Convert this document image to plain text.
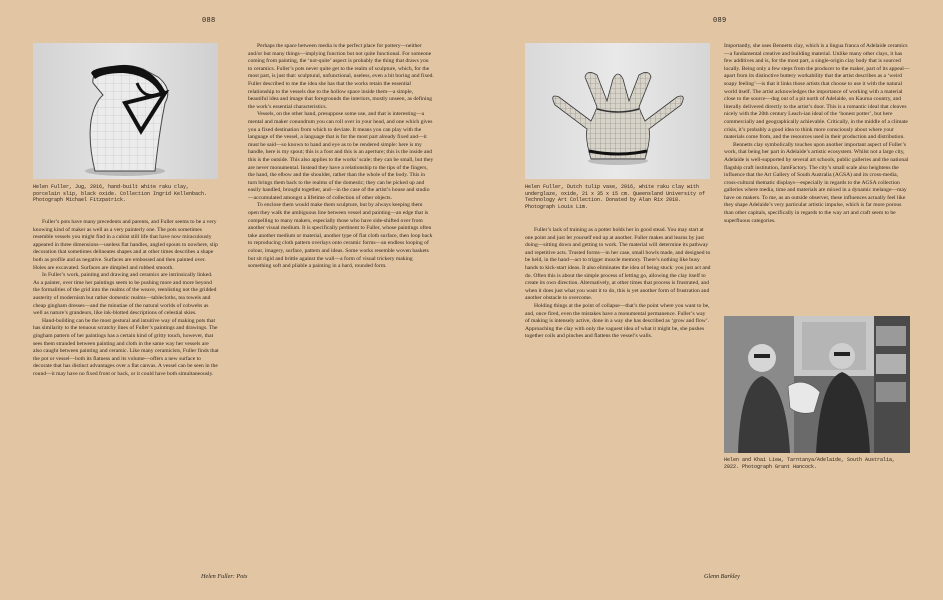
088
Helen Fuller, Jug, 2016, hand-built white raku clay, porcelain slip, black oxide. Collection Ingrid Kellenbach. Photograph Michael Fitzpatrick.

Fuller’s pots have many precedents and parents, and Fuller seems to be a very knowing kind of maker as well as a very painterly one. The pots sometimes resemble vessels you might find in a cubist still life that have now miraculously appeared in three dimensions—useless flat handles, angled spouts to nowhere, slip decoration that sometimes delineates shapes and at other times describes a shape both as profile and as negative. Surfaces are embossed and then painted over. Holes are excavated. Surfaces are dimpled and rubbed smooth.

In Fuller’s work, painting and drawing and ceramics are intrinsically linked. As a painter, over time her paintings seem to be pushing more and more beyond the formalities of the grid into the realms of the weave, reenlisting not the gridded austerity of modernism but rather domestic realms—tablecloths, tea towels and cheap gingham dresses—and the minutiae of the natural worlds of cobwebs as well as nature’s grandeurs, like ink-blotted descriptions of celestial skies.

Hand-building can be the most gestural and intuitive way of making pots that has similarity to the tenuous scratchy lines of Fuller’s paintings and drawings. The gingham pattern of her paintings has a certain kind of gritty touch, however, that sees them stranded between painting and cloth in the same way her vessels are also caught between painting and ceramic. Like many ceramicists, Fuller finds that the pot or vessel—both its flatness and its volume—offers a new surface to decorate that has distinct advantages over a flat canvas. A vessel can be seen in the round—it may have no fixed front or back, or it could have both simultaneously.

Perhaps the space between media is the perfect place for pottery—neither and/or but many things—implying function but not quite functional. For someone coming from painting, the ‘not-quite’ aspect is probably the thing that draws you to ceramics. Fuller’s pots never quite get to the realm of sculpture, which, for the most part, is just that: sculptural, unfunctional, useless, even a bit boring and fixed. Fuller described to me the idea she has that the works retain the essential relationship to the vessels due to the hollow space inside them—a simple, beautiful idea and image that foregrounds the interiors, mostly unseen, as defining the work’s essential characteristics.

Vessels, on the other hand, presuppose some use, and that is interesting—a mental and maker conundrum you can roll over in your head, and one which gives you a fixed destination from which to deviate. It means you can play with the language of the vessel, a language that is for the most part already fixed and—it must be said—so known to hand and eye as to be rendered simple: here is my handle, here is my spout; this is a foot and this is an aperture; this is the inside and this is the outside. This also applies to the works’ scale; they can be small, but they are never monumental. Instead they have a relationship to the tips of the fingers, the hand, the elbow and the shoulder, rather than the whole of the body. This in turn brings them back to the realms of the domestic; they can be picked up and easily handled, brought together, and—in the case of the artist’s house and studio—accumulated amongst a lifetime of collection of other objects.

To enclose them would make them sculpture, but by always keeping them open they walk the ambiguous line between vessel and painting—an edge that is compelling to many makers, especially those who have side-shifted over from another visual medium. It is specifically pertinent to Fuller, whose paintings often take another medium or material, another type of flat cloth surface, then loop back to reproducing cloth pattern overlays onto ceramic forms—an endless looping of colour, imagery, surface, pattern and ideas. Some works resemble woven baskets but sit rigid and brittle against the wall—a form of visual trickery making something soft and pliable a painting in a hard, rounded form.

Helen Fuller: Pots
089
Helen Fuller, Dutch tulip vase, 2016, white raku clay with underglaze, oxide, 21 x 35 x 15 cm. Queensland University of Technology Art Collection. Donated by Alan Rix 2018. Photograph Louis Lim.

Fuller’s lack of training as a potter holds her in good stead. You may start at one point and just let yourself end up at another. Fuller makes and learns by just doing—sitting down and getting to work. The material will determine its pathway and repetitive acts. Trusted forms—in her case, small bowls made, and designed to be held, in the hand—act to trigger muscle memory. There’s nothing like busy hands to kick-start ideas. It also eliminates the idea of being stuck: you just act and do. Often this is about the simple process of letting go, allowing the clay itself to create its own direction. Alternatively, at other times that process is frustrated, and when it does just what you want it to do, this is yet another form of frustration and another obstacle to overcome.

Holding things at the point of collapse—that’s the point where you want to be, and, once fired, even the mistakes have a monumental permanence. Fuller’s way of making is intensely active, done in a way she has described as ‘grow and flow’. Approaching the clay with only the vaguest idea of what it might be, she pushes together coils and pinches and flattens the vessel’s walls.

Importantly, she uses Bennetts clay, which is a lingua franca of Adelaide ceramics—a fundamental creative and building material. Unlike many other clays, it has few additives and is, for the most part, a single-origin clay body that is sourced locally. Being only a few steps from the producer to the maker, part of its appeal—apart from its distinctive buttery workability that the artist describes as a ‘weird soapy feeling’—is that it links those artists that choose to use it with the natural world itself. The artist acknowledges the importance of working with a material close to the source—dug out of a pit north of Adelaide, on Kaurna country, and literally delivered directly to the artist’s door. This is a romantic ideal that cleaves nicely with the 20th century Leach-ian ideal of the ‘honest potter’, but here commercially and geographically achievable. Critically, in the middle of a climate crisis, it’s probably a good idea to think more consciously about where your materials come from, and the resources used in their production and distribution.

Bennetts clay symbolically touches upon another important aspect of Fuller’s work, that being her part in Adelaide’s artistic ecosystem. Whilst not a large city, Adelaide is well-supported by several art schools, public galleries and the national flagship craft institution, JamFactory. The city’s small scale also heightens the influence that the Art Gallery of South Australia (AGSA) and its cross-media, cross-cultural thematic displays—especially in regards to the AGSA collection galleries where media, time and materials are mixed in a dynamic melange—may have on makers. To me, as an outside observer, these influences actually feel like they shape Adelaide’s very particular artistic impulse, which is far more porous than other capitals, specifically in regards to the way art and craft seem to be superfluous categories.

Helen and Khai Liew, Tarntanya/Adelaide, South Australia, 2022. Photograph Grant Hancock.
Glenn Barkley
